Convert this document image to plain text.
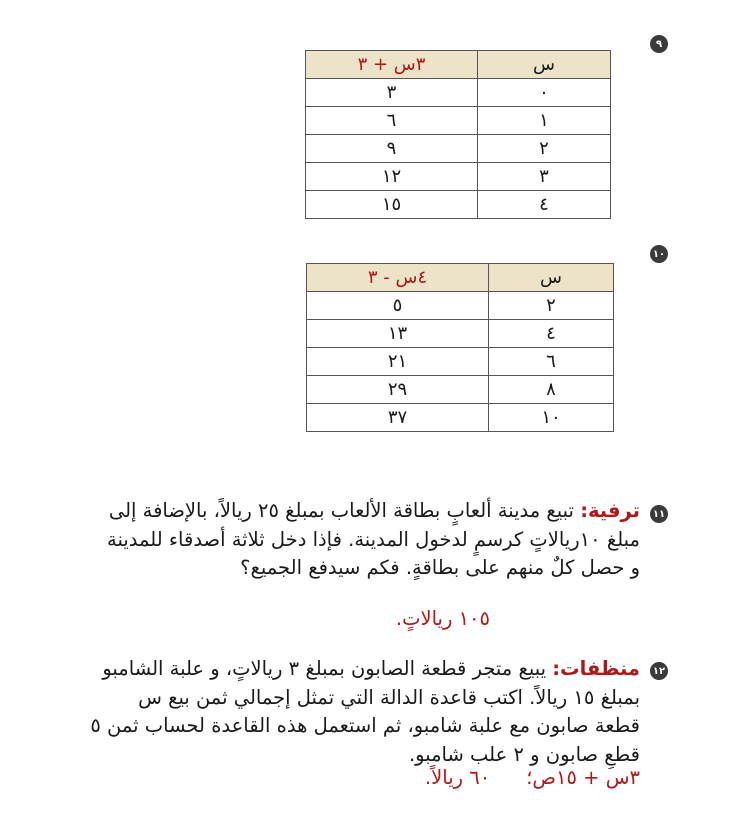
٩
س	٣س + ٣
٠	٣
١	٦
٢	٩
٣	١٢
٤	١٥
١٠
س	٤س - ٣
٢	٥
٤	١٣
٦	٢١
٨	٢٩
١٠	٣٧
١١
ترفية: تبيع مدينة ألعابٍ بطاقة الألعاب بمبلغ ٢٥ ريالاً، بالإضافة إلى مبلغ ١٠ريالاتٍ كرسمٍ لدخول المدينة. فإذا دخل ثلاثة أصدقاء للمدينة و حصل كلٌ منهم على بطاقةٍ. فكم سيدفع الجميع؟
١٠٥ ريالاتٍ.
١٢
منظفات: يبيع متجر قطعة الصابون بمبلغ ٣ ريالاتٍ، و علبة الشامبو بمبلغ ١٥ ريالاً. اكتب قاعدة الدالة التي تمثل إجمالي ثمن بيع س قطعة صابون مع علبة شامبو، ثم استعمل هذه القاعدة لحساب ثمن ٥ قطعِ صابون و ٢ علب شامبو.
٣س + ١٥ص؛٦٠ ريالاً.
